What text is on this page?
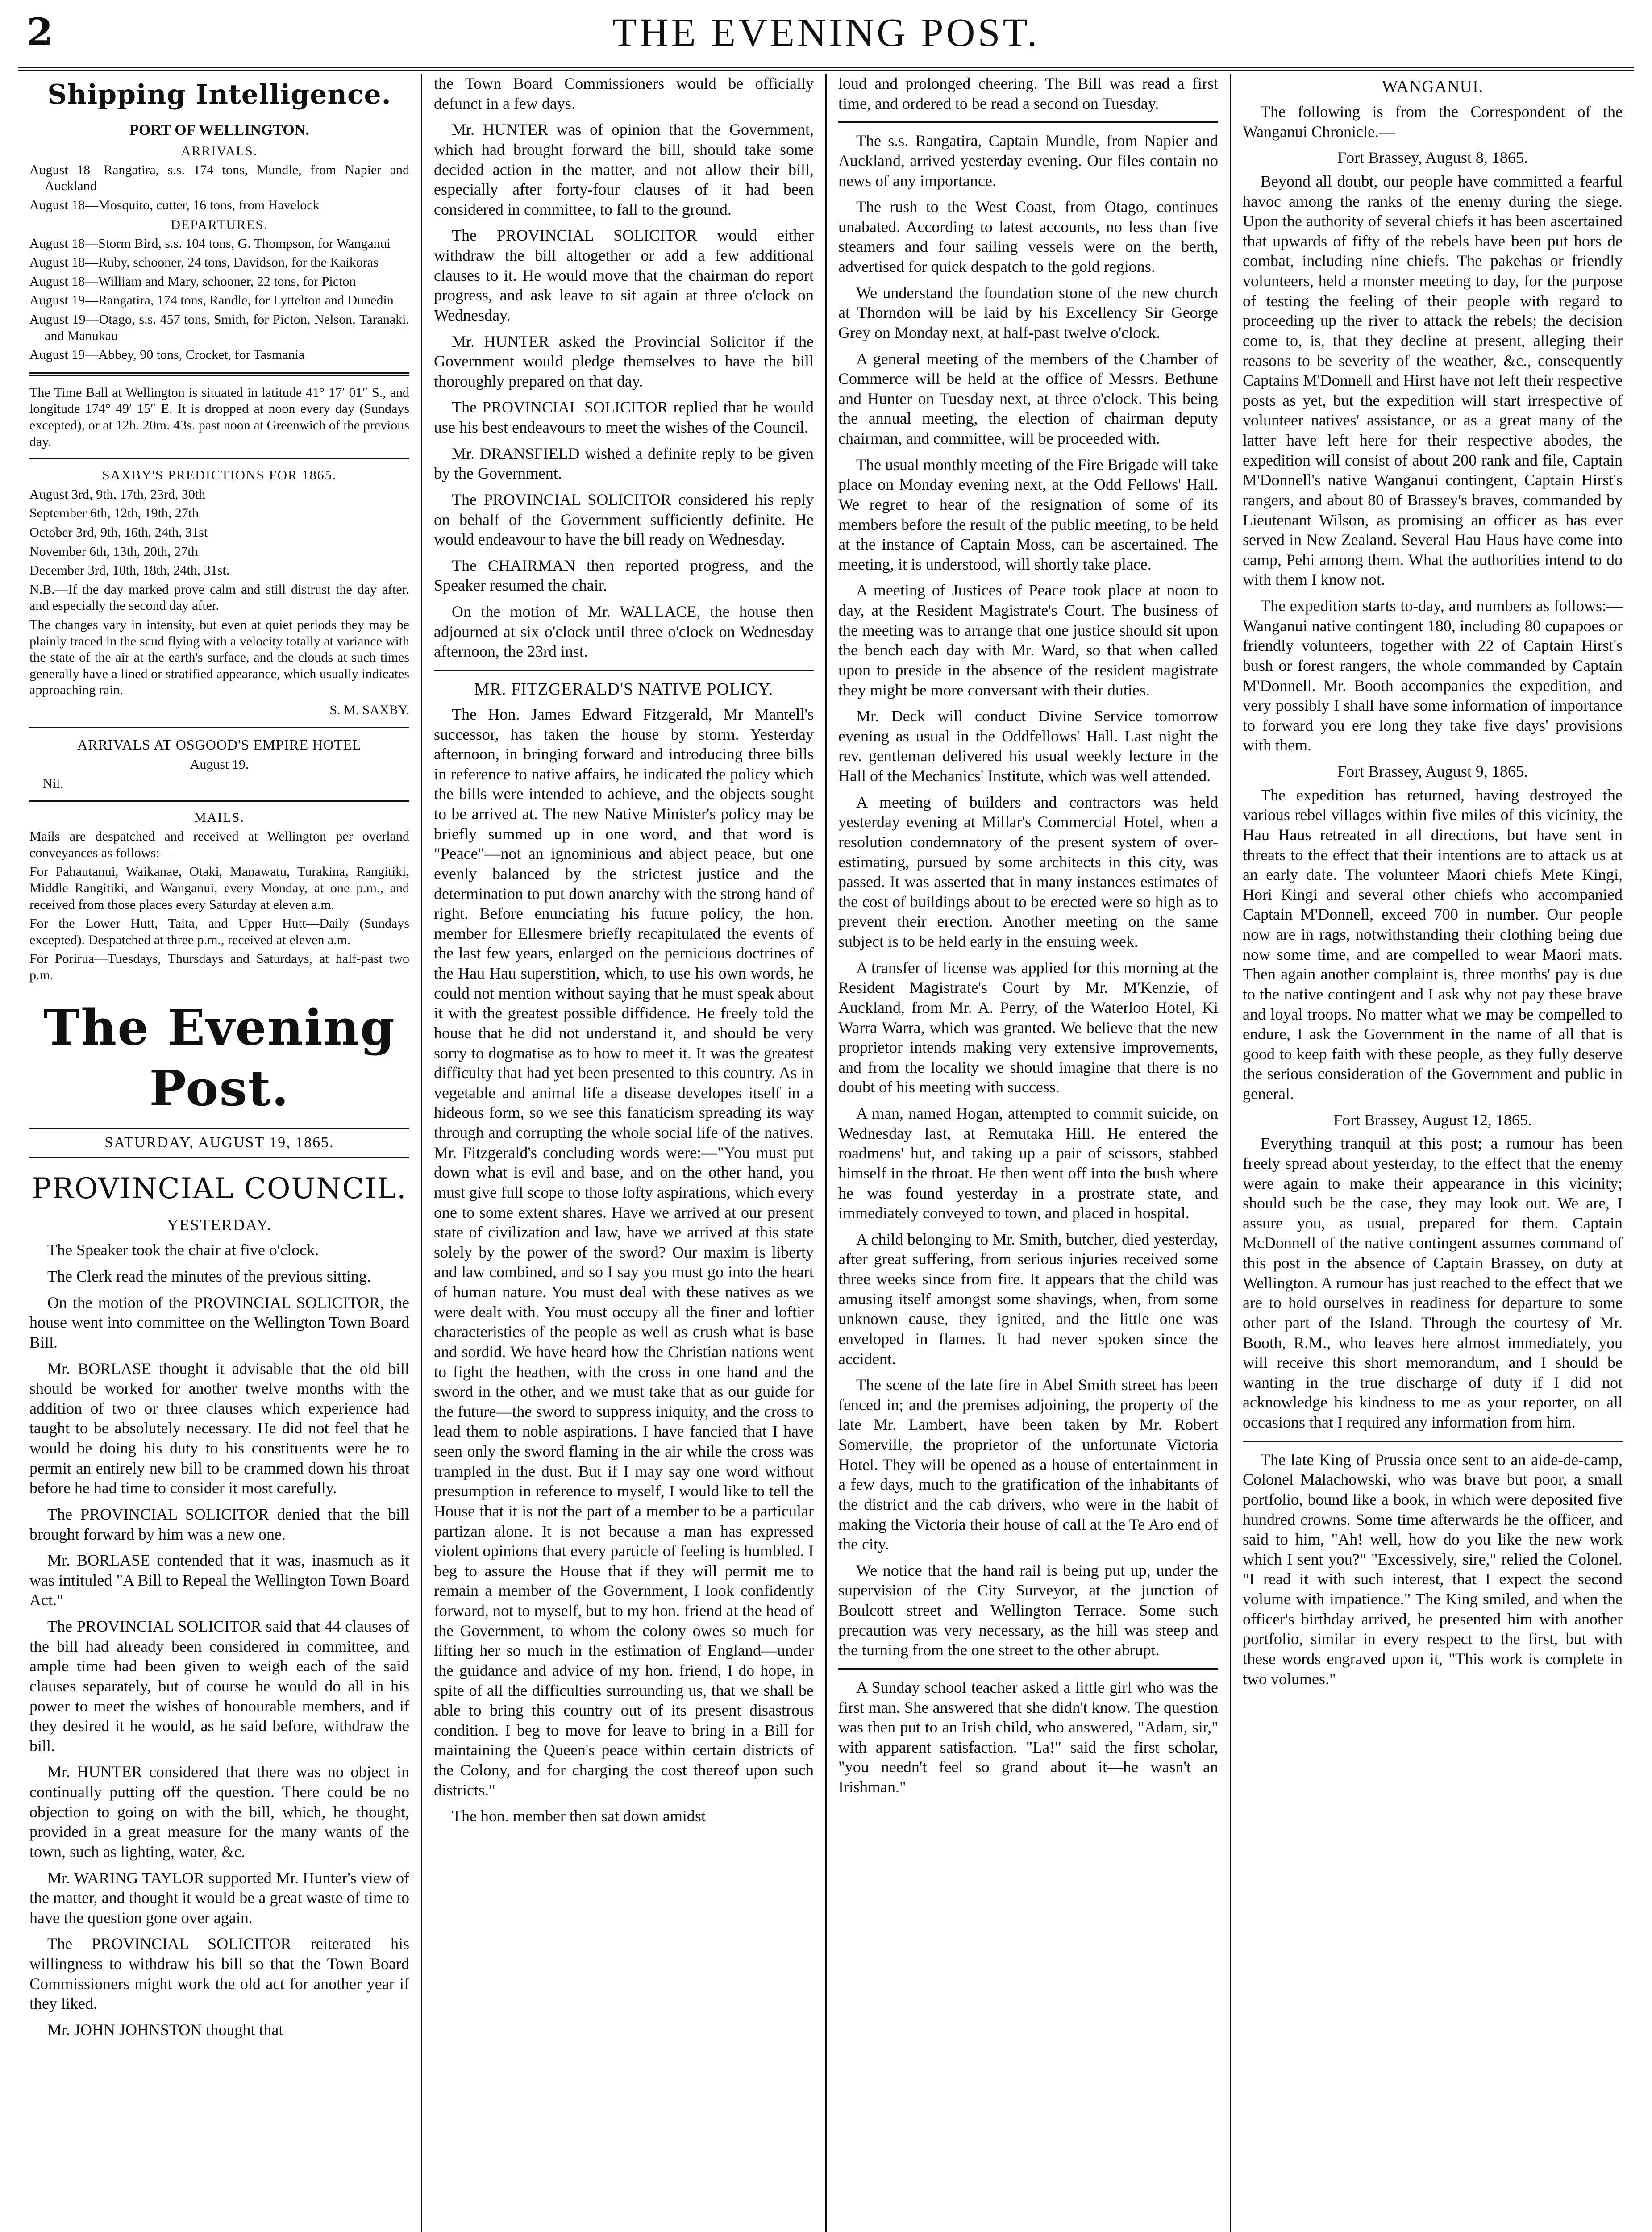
2	THE EVENING POST.
Shipping Intelligence.
PORT OF WELLINGTON.
ARRIVALS.

August 18—Rangatira, s.s. 174 tons, Mundle, from Napier and Auckland

August 18—Mosquito, cutter, 16 tons, from Havelock

DEPARTURES.

August 18—Storm Bird, s.s. 104 tons, G. Thompson, for Wanganui

August 18—Ruby, schooner, 24 tons, Davidson, for the Kaikoras

August 18—William and Mary, schooner, 22 tons, for Picton

August 19—Rangatira, 174 tons, Randle, for Lyttelton and Dunedin

August 19—Otago, s.s. 457 tons, Smith, for Picton, Nelson, Taranaki, and Manukau

August 19—Abbey, 90 tons, Crocket, for Tasmania

The Time Ball at Wellington is situated in latitude 41° 17′ 01″ S., and longitude 174° 49′ 15″ E. It is dropped at noon every day (Sundays excepted), or at 12h. 20m. 43s. past noon at Greenwich of the previous day.

SAXBY'S PREDICTIONS FOR 1865.

August 3rd, 9th, 17th, 23rd, 30th

September 6th, 12th, 19th, 27th

October 3rd, 9th, 16th, 24th, 31st

November 6th, 13th, 20th, 27th

December 3rd, 10th, 18th, 24th, 31st.

N.B.—If the day marked prove calm and still distrust the day after, and especially the second day after.

The changes vary in intensity, but even at quiet periods they may be plainly traced in the scud flying with a velocity totally at variance with the state of the air at the earth's surface, and the clouds at such times generally have a lined or stratified appearance, which usually indicates approaching rain.

S. M. SAXBY.
ARRIVALS AT OSGOOD'S EMPIRE HOTEL
August 19.
Nil.
MAILS.

Mails are despatched and received at Wellington per overland conveyances as follows:—

For Pahautanui, Waikanae, Otaki, Manawatu, Turakina, Rangitiki, Middle Rangitiki, and Wanganui, every Monday, at one p.m., and received from those places every Saturday at eleven a.m.

For the Lower Hutt, Taita, and Upper Hutt—Daily (Sundays excepted). Despatched at three p.m., received at eleven a.m.

For Porirua—Tuesdays, Thursdays and Saturdays, at half-past two p.m.

The Evening Post.
SATURDAY, AUGUST 19, 1865.
PROVINCIAL COUNCIL.
YESTERDAY.

The Speaker took the chair at five o'clock.

The Clerk read the minutes of the previous sitting.

On the motion of the PROVINCIAL SOLICITOR, the house went into committee on the Wellington Town Board Bill.

Mr. BORLASE thought it advisable that the old bill should be worked for another twelve months with the addition of two or three clauses which experience had taught to be absolutely necessary. He did not feel that he would be doing his duty to his constituents were he to permit an entirely new bill to be crammed down his throat before he had time to consider it most carefully.

The PROVINCIAL SOLICITOR denied that the bill brought forward by him was a new one.

Mr. BORLASE contended that it was, inasmuch as it was intituled "A Bill to Repeal the Wellington Town Board Act."

The PROVINCIAL SOLICITOR said that 44 clauses of the bill had already been considered in committee, and ample time had been given to weigh each of the said clauses separately, but of course he would do all in his power to meet the wishes of honourable members, and if they desired it he would, as he said before, withdraw the bill.

Mr. HUNTER considered that there was no object in continually putting off the question. There could be no objection to going on with the bill, which, he thought, provided in a great measure for the many wants of the town, such as lighting, water, &c.

Mr. WARING TAYLOR supported Mr. Hunter's view of the matter, and thought it would be a great waste of time to have the question gone over again.

The PROVINCIAL SOLICITOR reiterated his willingness to withdraw his bill so that the Town Board Commissioners might work the old act for another year if they liked.

Mr. JOHN JOHNSTON thought that

the Town Board Commissioners would be officially defunct in a few days.

Mr. HUNTER was of opinion that the Government, which had brought forward the bill, should take some decided action in the matter, and not allow their bill, especially after forty-four clauses of it had been considered in committee, to fall to the ground.

The PROVINCIAL SOLICITOR would either withdraw the bill altogether or add a few additional clauses to it. He would move that the chairman do report progress, and ask leave to sit again at three o'clock on Wednesday.

Mr. HUNTER asked the Provincial Solicitor if the Government would pledge themselves to have the bill thoroughly prepared on that day.

The PROVINCIAL SOLICITOR replied that he would use his best endeavours to meet the wishes of the Council.

Mr. DRANSFIELD wished a definite reply to be given by the Government.

The PROVINCIAL SOLICITOR considered his reply on behalf of the Government sufficiently definite. He would endeavour to have the bill ready on Wednesday.

The CHAIRMAN then reported progress, and the Speaker resumed the chair.

On the motion of Mr. WALLACE, the house then adjourned at six o'clock until three o'clock on Wednesday afternoon, the 23rd inst.

MR. FITZGERALD'S NATIVE POLICY.

The Hon. James Edward Fitzgerald, Mr Mantell's successor, has taken the house by storm. Yesterday afternoon, in bringing forward and introducing three bills in reference to native affairs, he indicated the policy which the bills were intended to achieve, and the objects sought to be arrived at. The new Native Minister's policy may be briefly summed up in one word, and that word is "Peace"—not an ignominious and abject peace, but one evenly balanced by the strictest justice and the determination to put down anarchy with the strong hand of right. Before enunciating his future policy, the hon. member for Ellesmere briefly recapitulated the events of the last few years, enlarged on the pernicious doctrines of the Hau Hau superstition, which, to use his own words, he could not mention without saying that he must speak about it with the greatest possible diffidence. He freely told the house that he did not understand it, and should be very sorry to dogmatise as to how to meet it. It was the greatest difficulty that had yet been presented to this country. As in vegetable and animal life a disease developes itself in a hideous form, so we see this fanaticism spreading its way through and corrupting the whole social life of the natives. Mr. Fitzgerald's concluding words were:—"You must put down what is evil and base, and on the other hand, you must give full scope to those lofty aspirations, which every one to some extent shares. Have we arrived at our present state of civilization and law, have we arrived at this state solely by the power of the sword? Our maxim is liberty and law combined, and so I say you must go into the heart of human nature. You must deal with these natives as we were dealt with. You must occupy all the finer and loftier characteristics of the people as well as crush what is base and sordid. We have heard how the Christian nations went to fight the heathen, with the cross in one hand and the sword in the other, and we must take that as our guide for the future—the sword to suppress iniquity, and the cross to lead them to noble aspirations. I have fancied that I have seen only the sword flaming in the air while the cross was trampled in the dust. But if I may say one word without presumption in reference to myself, I would like to tell the House that it is not the part of a member to be a particular partizan alone. It is not because a man has expressed violent opinions that every particle of feeling is humbled. I beg to assure the House that if they will permit me to remain a member of the Government, I look confidently forward, not to myself, but to my hon. friend at the head of the Government, to whom the colony owes so much for lifting her so much in the estimation of England—under the guidance and advice of my hon. friend, I do hope, in spite of all the difficulties surrounding us, that we shall be able to bring this country out of its present disastrous condition. I beg to move for leave to bring in a Bill for maintaining the Queen's peace within certain districts of the Colony, and for charging the cost thereof upon such districts."

The hon. member then sat down amidst

loud and prolonged cheering. The Bill was read a first time, and ordered to be read a second on Tuesday.

The s.s. Rangatira, Captain Mundle, from Napier and Auckland, arrived yesterday evening. Our files contain no news of any importance.

The rush to the West Coast, from Otago, continues unabated. According to latest accounts, no less than five steamers and four sailing vessels were on the berth, advertised for quick despatch to the gold regions.

We understand the foundation stone of the new church at Thorndon will be laid by his Excellency Sir George Grey on Monday next, at half-past twelve o'clock.

A general meeting of the members of the Chamber of Commerce will be held at the office of Messrs. Bethune and Hunter on Tuesday next, at three o'clock. This being the annual meeting, the election of chairman deputy chairman, and committee, will be proceeded with.

The usual monthly meeting of the Fire Brigade will take place on Monday evening next, at the Odd Fellows' Hall. We regret to hear of the resignation of some of its members before the result of the public meeting, to be held at the instance of Captain Moss, can be ascertained. The meeting, it is understood, will shortly take place.

A meeting of Justices of Peace took place at noon to day, at the Resident Magistrate's Court. The business of the meeting was to arrange that one justice should sit upon the bench each day with Mr. Ward, so that when called upon to preside in the absence of the resident magistrate they might be more conversant with their duties.

Mr. Deck will conduct Divine Service tomorrow evening as usual in the Oddfellows' Hall. Last night the rev. gentleman delivered his usual weekly lecture in the Hall of the Mechanics' Institute, which was well attended.

A meeting of builders and contractors was held yesterday evening at Millar's Commercial Hotel, when a resolution condemnatory of the present system of over-estimating, pursued by some architects in this city, was passed. It was asserted that in many instances estimates of the cost of buildings about to be erected were so high as to prevent their erection. Another meeting on the same subject is to be held early in the ensuing week.

A transfer of license was applied for this morning at the Resident Magistrate's Court by Mr. M'Kenzie, of Auckland, from Mr. A. Perry, of the Waterloo Hotel, Ki Warra Warra, which was granted. We believe that the new proprietor intends making very extensive improvements, and from the locality we should imagine that there is no doubt of his meeting with success.

A man, named Hogan, attempted to commit suicide, on Wednesday last, at Remutaka Hill. He entered the roadmens' hut, and taking up a pair of scissors, stabbed himself in the throat. He then went off into the bush where he was found yesterday in a prostrate state, and immediately conveyed to town, and placed in hospital.

A child belonging to Mr. Smith, butcher, died yesterday, after great suffering, from serious injuries received some three weeks since from fire. It appears that the child was amusing itself amongst some shavings, when, from some unknown cause, they ignited, and the little one was enveloped in flames. It had never spoken since the accident.

The scene of the late fire in Abel Smith street has been fenced in; and the premises adjoining, the property of the late Mr. Lambert, have been taken by Mr. Robert Somerville, the proprietor of the unfortunate Victoria Hotel. They will be opened as a house of entertainment in a few days, much to the gratification of the inhabitants of the district and the cab drivers, who were in the habit of making the Victoria their house of call at the Te Aro end of the city.

We notice that the hand rail is being put up, under the supervision of the City Surveyor, at the junction of Boulcott street and Wellington Terrace. Some such precaution was very necessary, as the hill was steep and the turning from the one street to the other abrupt.

A Sunday school teacher asked a little girl who was the first man. She answered that she didn't know. The question was then put to an Irish child, who answered, "Adam, sir," with apparent satisfaction. "La!" said the first scholar, "you needn't feel so grand about it—he wasn't an Irishman."

WANGANUI.

The following is from the Correspondent of the Wanganui Chronicle.—

Fort Brassey, August 8, 1865.

Beyond all doubt, our people have committed a fearful havoc among the ranks of the enemy during the siege. Upon the authority of several chiefs it has been ascertained that upwards of fifty of the rebels have been put hors de combat, including nine chiefs. The pakehas or friendly volunteers, held a monster meeting to day, for the purpose of testing the feeling of their people with regard to proceeding up the river to attack the rebels; the decision come to, is, that they decline at present, alleging their reasons to be severity of the weather, &c., consequently Captains M'Donnell and Hirst have not left their respective posts as yet, but the expedition will start irrespective of volunteer natives' assistance, or as a great many of the latter have left here for their respective abodes, the expedition will consist of about 200 rank and file, Captain M'Donnell's native Wanganui contingent, Captain Hirst's rangers, and about 80 of Brassey's braves, commanded by Lieutenant Wilson, as promising an officer as has ever served in New Zealand. Several Hau Haus have come into camp, Pehi among them. What the authorities intend to do with them I know not.

The expedition starts to-day, and numbers as follows:—Wanganui native contingent 180, including 80 cupapoes or friendly volunteers, together with 22 of Captain Hirst's bush or forest rangers, the whole commanded by Captain M'Donnell. Mr. Booth accompanies the expedition, and very possibly I shall have some information of importance to forward you ere long they take five days' provisions with them.

Fort Brassey, August 9, 1865.

The expedition has returned, having destroyed the various rebel villages within five miles of this vicinity, the Hau Haus retreated in all directions, but have sent in threats to the effect that their intentions are to attack us at an early date. The volunteer Maori chiefs Mete Kingi, Hori Kingi and several other chiefs who accompanied Captain M'Donnell, exceed 700 in number. Our people now are in rags, notwithstanding their clothing being due now some time, and are compelled to wear Maori mats. Then again another complaint is, three months' pay is due to the native contingent and I ask why not pay these brave and loyal troops. No matter what we may be compelled to endure, I ask the Government in the name of all that is good to keep faith with these people, as they fully deserve the serious consideration of the Government and public in general.

Fort Brassey, August 12, 1865.

Everything tranquil at this post; a rumour has been freely spread about yesterday, to the effect that the enemy were again to make their appearance in this vicinity; should such be the case, they may look out. We are, I assure you, as usual, prepared for them. Captain McDonnell of the native contingent assumes command of this post in the absence of Captain Brassey, on duty at Wellington. A rumour has just reached to the effect that we are to hold ourselves in readiness for departure to some other part of the Island. Through the courtesy of Mr. Booth, R.M., who leaves here almost immediately, you will receive this short memorandum, and I should be wanting in the true discharge of duty if I did not acknowledge his kindness to me as your reporter, on all occasions that I required any information from him.

The late King of Prussia once sent to an aide-de-camp, Colonel Malachowski, who was brave but poor, a small portfolio, bound like a book, in which were deposited five hundred crowns. Some time afterwards he the officer, and said to him, "Ah! well, how do you like the new work which I sent you?" "Excessively, sire," relied the Colonel. "I read it with such interest, that I expect the second volume with impatience." The King smiled, and when the officer's birthday arrived, he presented him with another portfolio, similar in every respect to the first, but with these words engraved upon it, "This work is complete in two volumes."
